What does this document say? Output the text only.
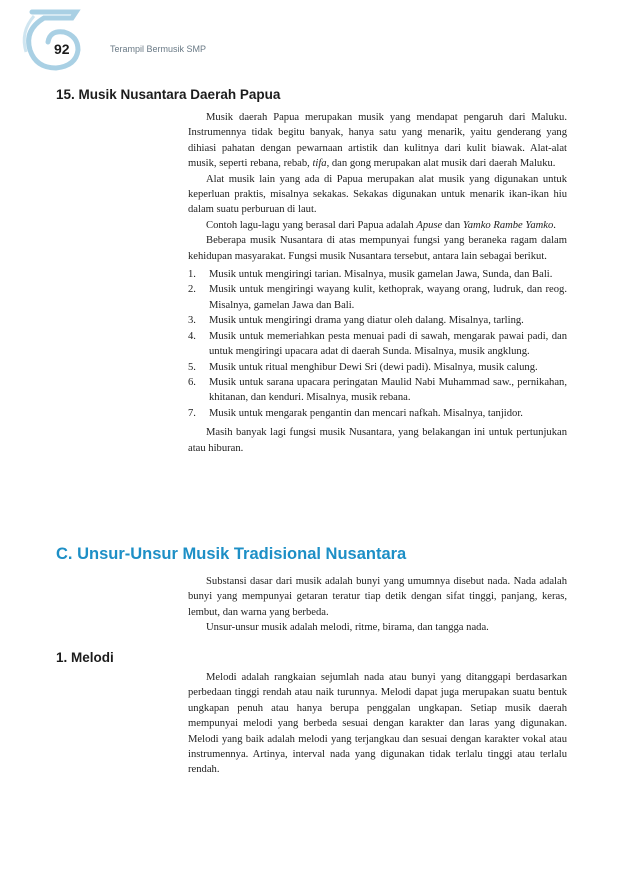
92	Terampil Bermusik SMP
15. Musik Nusantara Daerah Papua

Musik daerah Papua merupakan musik yang mendapat pengaruh dari Maluku. Instrumennya tidak begitu banyak, hanya satu yang menarik, yaitu genderang yang dihiasi pahatan dengan pewarnaan artistik dan kulitnya dari kulit biawak. Alat-alat musik, seperti rebana, rebab, tifa, dan gong merupakan alat musik dari daerah Maluku.

Alat musik lain yang ada di Papua merupakan alat musik yang digunakan untuk keperluan praktis, misalnya sekakas. Sekakas digunakan untuk menarik ikan-ikan hiu dalam suatu perburuan di laut.

Contoh lagu-lagu yang berasal dari Papua adalah Apuse dan Yamko Rambe Yamko.

Beberapa musik Nusantara di atas mempunyai fungsi yang beraneka ragam dalam kehidupan masyarakat. Fungsi musik Nusantara tersebut, antara lain sebagai berikut.

1. Musik untuk mengiringi tarian. Misalnya, musik gamelan Jawa, Sunda, dan Bali.
2. Musik untuk mengiringi wayang kulit, kethoprak, wayang orang, ludruk, dan reog. Misalnya, gamelan Jawa dan Bali.
3. Musik untuk mengiringi drama yang diatur oleh dalang. Misalnya, tarling.
4. Musik untuk memeriahkan pesta menuai padi di sawah, mengarak pawai padi, dan untuk mengiringi upacara adat di daerah Sunda. Misalnya, musik angklung.
5. Musik untuk ritual menghibur Dewi Sri (dewi padi). Misalnya, musik calung.
6. Musik untuk sarana upacara peringatan Maulid Nabi Muhammad saw., pernikahan, khitanan, dan kenduri. Misalnya, musik rebana.
7. Musik untuk mengarak pengantin dan mencari nafkah. Misalnya, tanjidor.

Masih banyak lagi fungsi musik Nusantara, yang belakangan ini untuk pertunjukan atau hiburan.

C. Unsur-Unsur Musik Tradisional Nusantara

Substansi dasar dari musik adalah bunyi yang umumnya disebut nada. Nada adalah bunyi yang mempunyai getaran teratur tiap detik dengan sifat tinggi, panjang, keras, lembut, dan warna yang berbeda.

Unsur-unsur musik adalah melodi, ritme, birama, dan tangga nada.

1. Melodi

Melodi adalah rangkaian sejumlah nada atau bunyi yang ditanggapi berdasarkan perbedaan tinggi rendah atau naik turunnya. Melodi dapat juga merupakan suatu bentuk ungkapan penuh atau hanya berupa penggalan ungkapan. Setiap musik daerah mempunyai melodi yang berbeda sesuai dengan karakter dan laras yang digunakan. Melodi yang baik adalah melodi yang terjangkau dan sesuai dengan karakter vokal atau instrumennya. Artinya, interval nada yang digunakan tidak terlalu tinggi atau terlalu rendah.
